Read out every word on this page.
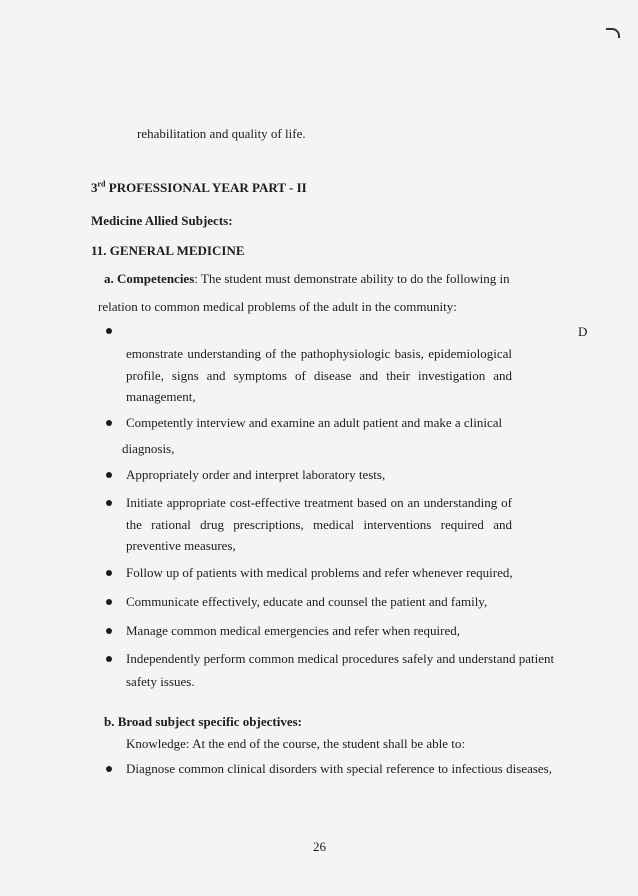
rehabilitation and quality of life.
3rd PROFESSIONAL YEAR PART - II
Medicine Allied Subjects:
11. GENERAL MEDICINE
a. Competencies: The student must demonstrate ability to do the following in
relation to common medical problems of the adult in the community:
D
emonstrate understanding of the pathophysiologic basis, epidemiological
profile, signs and symptoms of disease and their investigation and
management,
Competently interview and examine an adult patient and make a clinical
diagnosis,
Appropriately order and interpret laboratory tests,
Initiate appropriate cost-effective treatment based on an understanding of
the rational drug prescriptions, medical interventions required and
preventive measures,
Follow up of patients with medical problems and refer whenever required,
Communicate effectively, educate and counsel the patient and family,
Manage common medical emergencies and refer when required,
Independently perform common medical procedures safely and understand patient
safety issues.
b. Broad subject specific objectives:
Knowledge: At the end of the course, the student shall be able to:
Diagnose common clinical disorders with special reference to infectious diseases,
26
